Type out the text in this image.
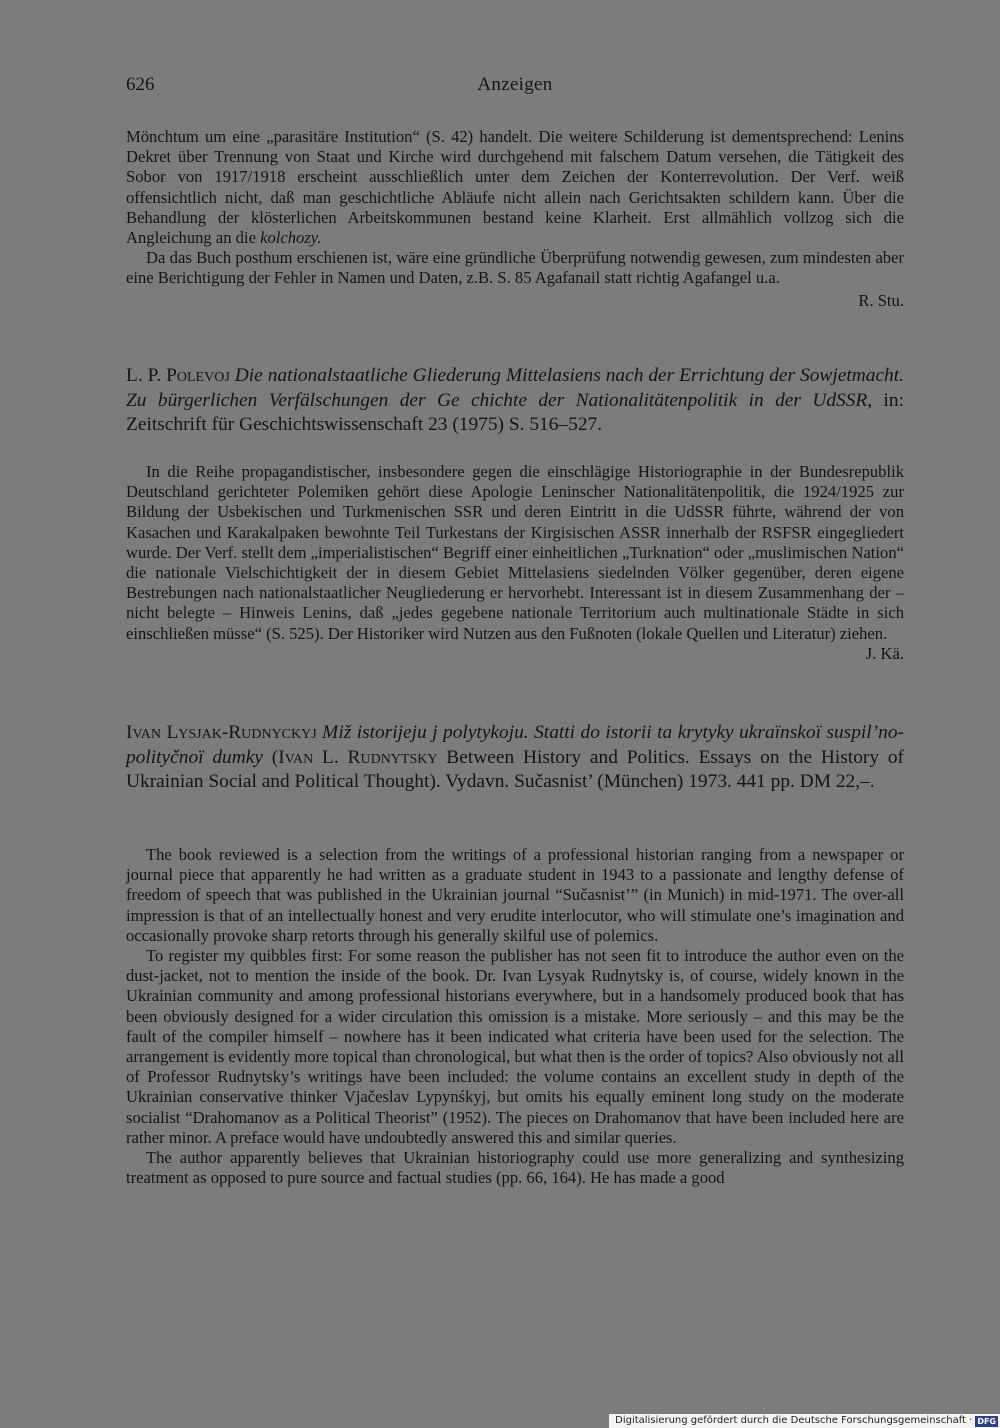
626	Anzeigen

Mönchtum um eine „parasitäre Institution“ (S. 42) handelt. Die weitere Schilderung ist dementsprechend: Lenins Dekret über Trennung von Staat und Kirche wird durchgehend mit falschem Datum versehen, die Tätigkeit des Sobor von 1917/1918 erscheint ausschließlich unter dem Zeichen der Konterrevolution. Der Verf. weiß offensichtlich nicht, daß man geschichtliche Abläufe nicht allein nach Gerichtsakten schildern kann. Über die Behandlung der klösterlichen Arbeitskommunen bestand keine Klarheit. Erst allmählich vollzog sich die Angleichung an die kolchozy.

Da das Buch posthum erschienen ist, wäre eine gründliche Überprüfung notwendig gewesen, zum mindesten aber eine Berichtigung der Fehler in Namen und Daten, z.B. S. 85 Agafanail statt richtig Agafangel u.a.

R. Stu.

L. P. Polevoj Die nationalstaatliche Gliederung Mittelasiens nach der Errichtung der Sowjetmacht. Zu bürgerlichen Verfälschungen der Ge chichte der Nationalitätenpolitik in der UdSSR, in: Zeitschrift für Geschichtswissenschaft 23 (1975) S. 516–527.

In die Reihe propagandistischer, insbesondere gegen die einschlägige Historiographie in der Bundesrepublik Deutschland gerichteter Polemiken gehört diese Apologie Leninscher Nationalitätenpolitik, die 1924/1925 zur Bildung der Usbekischen und Turkmenischen SSR und deren Eintritt in die UdSSR führte, während der von Kasachen und Karakalpaken bewohnte Teil Turkestans der Kirgisischen ASSR innerhalb der RSFSR eingegliedert wurde. Der Verf. stellt dem „imperialistischen“ Begriff einer einheitlichen „Turknation“ oder „muslimischen Nation“ die nationale Vielschichtigkeit der in diesem Gebiet Mittelasiens siedelnden Völker gegenüber, deren eigene Bestrebungen nach nationalstaatlicher Neugliederung er hervorhebt. Interessant ist in diesem Zusammenhang der – nicht belegte – Hinweis Lenins, daß „jedes gegebene nationale Territorium auch multinationale Städte in sich einschließen müsse“ (S. 525). Der Historiker wird Nutzen aus den Fußnoten (lokale Quellen und Literatur) ziehen.

J. Kä.

Ivan Lysjak-Rudnyckyj Miž istorijeju j polytykoju. Statti do istorii ta krytyky ukraïnskoï suspil’no-polityčnoï dumky (Ivan L. Rudnytsky Between History and Politics. Essays on the History of Ukrainian Social and Political Thought). Vydavn. Sučasnist’ (München) 1973. 441 pp. DM 22,–.

The book reviewed is a selection from the writings of a professional historian ranging from a newspaper or journal piece that apparently he had written as a graduate student in 1943 to a passionate and lengthy defense of freedom of speech that was published in the Ukrainian journal “Sučasnist’” (in Munich) in mid-1971. The over-all impression is that of an intellectually honest and very erudite interlocutor, who will stimulate one’s imagination and occasionally provoke sharp retorts through his generally skilful use of polemics.

To register my quibbles first: For some reason the publisher has not seen fit to introduce the author even on the dust-jacket, not to mention the inside of the book. Dr. Ivan Lysyak Rudnytsky is, of course, widely known in the Ukrainian community and among professional historians everywhere, but in a handsomely produced book that has been obviously designed for a wider circulation this omission is a mistake. More seriously – and this may be the fault of the compiler himself – nowhere has it been indicated what criteria have been used for the selection. The arrangement is evidently more topical than chronological, but what then is the order of topics? Also obviously not all of Professor Rudnytsky’s writings have been included: the volume contains an excellent study in depth of the Ukrainian conservative thinker Vjačeslav Lypynśkyj, but omits his equally eminent long study on the moderate socialist “Drahomanov as a Political Theorist” (1952). The pieces on Drahomanov that have been included here are rather minor. A preface would have undoubtedly answered this and similar queries.

The author apparently believes that Ukrainian historiography could use more generalizing and synthesizing treatment as opposed to pure source and factual studies (pp. 66, 164). He has made a good

Digitalisierung gefördert durch die Deutsche Forschungsgemeinschaft · DFG
